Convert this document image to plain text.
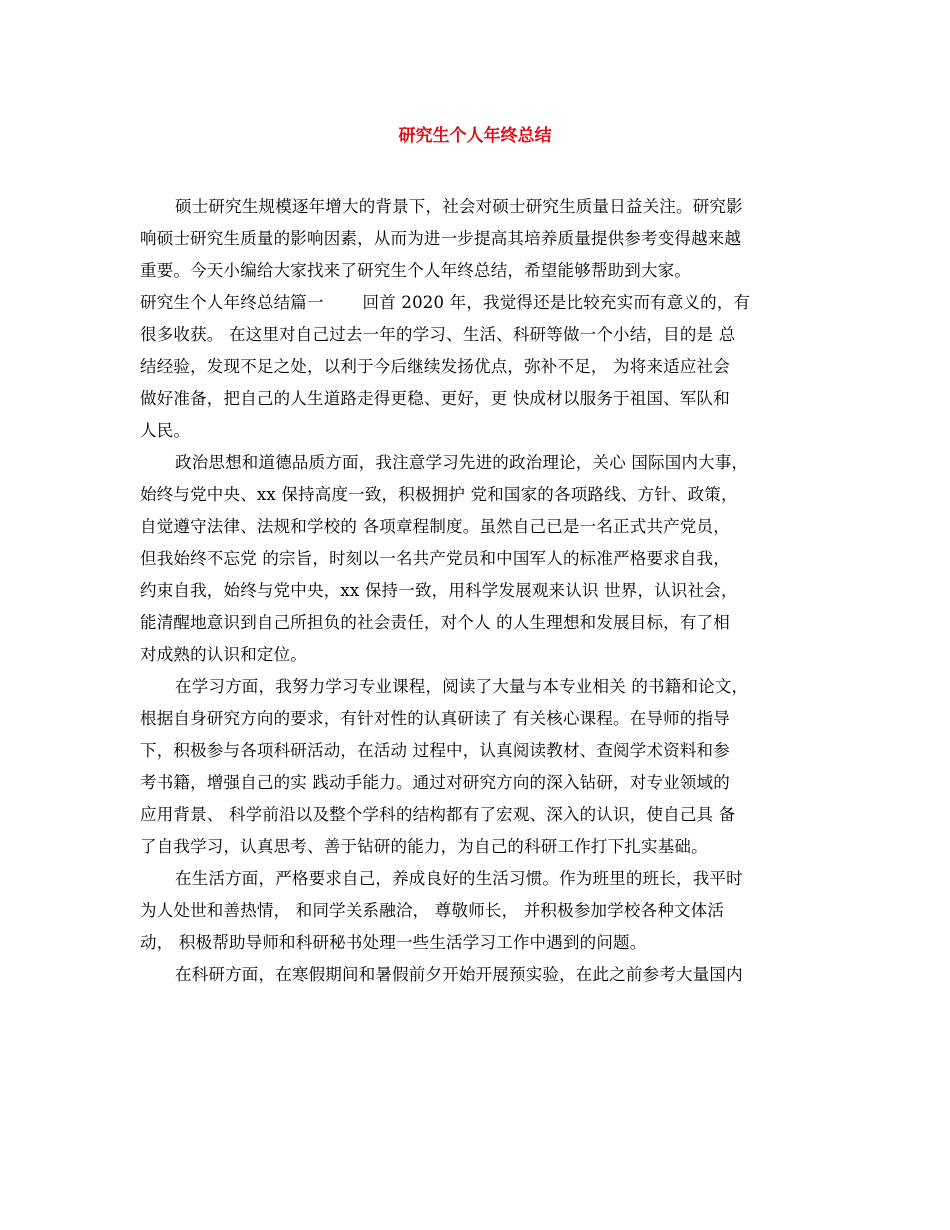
研究生个人年终总结
硕士研究生规模逐年增大的背景下，社会对硕士研究生质量日益关注。研究影
响硕士研究生质量的影响因素，从而为进一步提高其培养质量提供参考变得越来越
重要。今天小编给大家找来了研究生个人年终总结，希望能够帮助到大家。
研究生个人年终总结篇一　　 回首 2020 年，我觉得还是比较充实而有意义的，有
很多收获。 在这里对自己过去一年的学习、生活、科研等做一个小结，目的是 总
结经验，发现不足之处，以利于今后继续发扬优点，弥补不足， 为将来适应社会
做好准备，把自己的人生道路走得更稳、更好，更 快成材以服务于祖国、军队和
人民。
政治思想和道德品质方面，我注意学习先进的政治理论，关心 国际国内大事，
始终与党中央、xx 保持高度一致，积极拥护 党和国家的各项路线、方针、政策，
自觉遵守法律、法规和学校的 各项章程制度。虽然自己已是一名正式共产党员，
但我始终不忘党 的宗旨，时刻以一名共产党员和中国军人的标准严格要求自我，
约束自我，始终与党中央，xx 保持一致，用科学发展观来认识 世界，认识社会，
能清醒地意识到自己所担负的社会责任，对个人 的人生理想和发展目标，有了相
对成熟的认识和定位。
在学习方面，我努力学习专业课程，阅读了大量与本专业相关 的书籍和论文，
根据自身研究方向的要求，有针对性的认真研读了 有关核心课程。在导师的指导
下，积极参与各项科研活动，在活动 过程中，认真阅读教材、查阅学术资料和参
考书籍，增强自己的实 践动手能力。通过对研究方向的深入钻研，对专业领域的
应用背景、 科学前沿以及整个学科的结构都有了宏观、深入的认识，使自己具 备
了自我学习，认真思考、善于钻研的能力，为自己的科研工作打下扎实基础。
在生活方面，严格要求自己，养成良好的生活习惯。作为班里的班长，我平时
为人处世和善热情， 和同学关系融洽， 尊敬师长， 并积极参加学校各种文体活
动， 积极帮助导师和科研秘书处理一些生活学习工作中遇到的问题。
在科研方面，在寒假期间和暑假前夕开始开展预实验，在此之前参考大量国内
